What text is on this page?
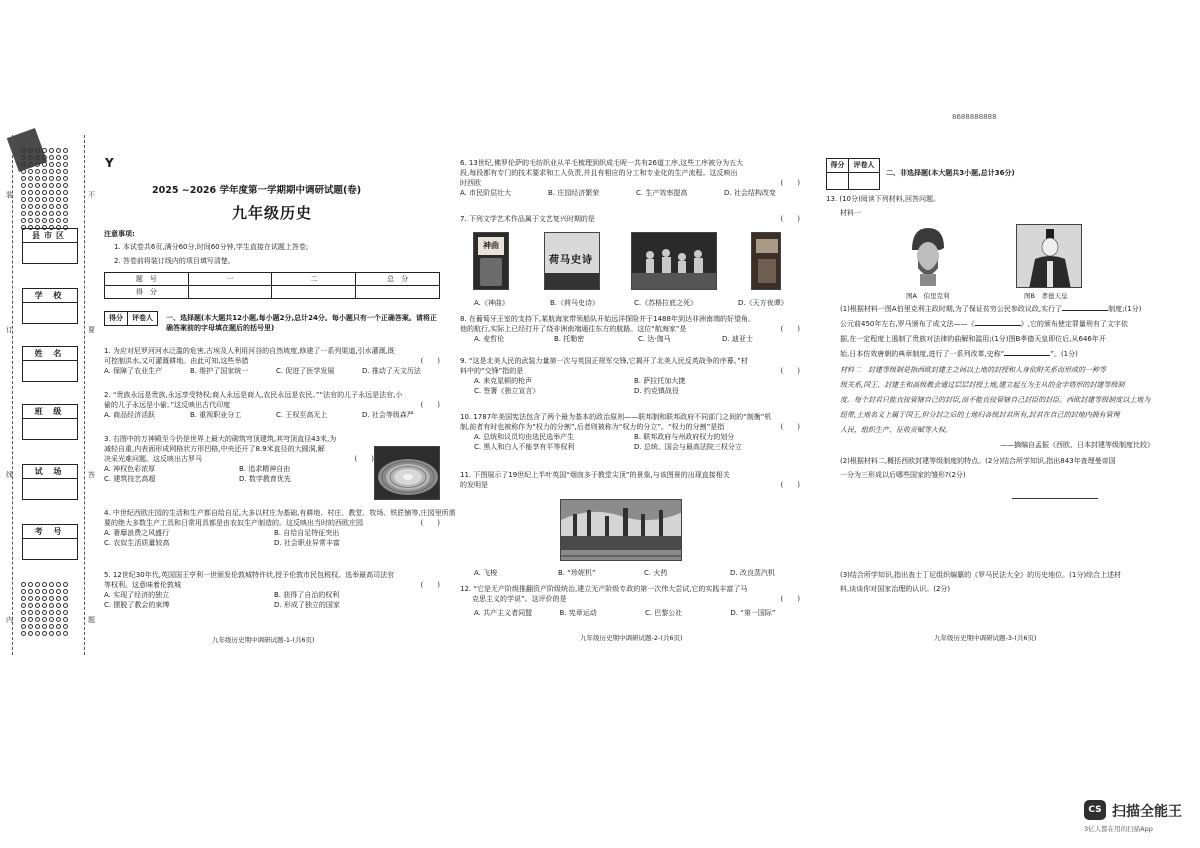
8688888888
Y
县市区
学 校
姓 名
班 级
试 场
考 号
装
订
线
内
不
要
答
题
2025 ~2026 学年度第一学期期中调研试题(卷)
九年级历史
注意事项:
1. 本试卷共6页,满分60分,时间60分钟,学生直接在试题上答卷;
2. 答卷前将装订线内的项目填写清楚。
题　号	一	二	总　分
得　分			
得分	评卷人	一、选择题(本大题共12小题,每小题2分,总计24分。每小题只有一个正确答案。请将正确答案前的字母填在题后的括号里)
1. 为应对尼罗河河水泛滥的危害,古埃及人利用河谷的自然坡度,修建了一系列渠道,引水灌溉,既
可控制洪水,又可灌溉耕地。由此可知,这些举措	(　　)
A. 保障了农业生产	B. 维护了国家统一	C. 促进了医学发展	D. 推动了天文历法
2. “贵族永远是贵族,永远享受特权;商人永远是商人,农民永远是农民。”“法官的儿子永远是法官,小
偷的儿子永远是小偷。”这反映出古代印度	(　　)
A. 商品经济活跃	B. 重视职业分工	C. 王权至高无上	D. 社会等级森严
3. 右图中的万神殿至今仍是世界上最大的砌筑穹顶建筑,其穹顶直径43米,为
减轻自重,内表面形成网格状方形凹格,中央还开了8.9米直径的大圆洞,解
决采光难问题。这反映出古罗马	(　　)
A. 神权色彩浓厚	B. 追求精神自由
C. 建筑技艺高超	D. 数学教育优先
4. 中世纪西欧庄园的生活和生产都自给自足,大多以村庄为基础,有耕地、村庄、教堂、牧场、铁匠铺等,庄园里所需
要的绝大多数生产工具和日常用具都是由农奴生产制造的。这反映出当时的西欧庄园	(　　)
A. 奢靡浪费之风盛行	B. 自给自足特征突出
C. 农奴生活质量较高	D. 社会职业异常丰富
5. 12世纪30年代,英国国王亨利一世颁发伦敦城特许状,授予伦敦市民包税权、选举最高司法官
等权利。这意味着伦敦城	(　　)
A. 实现了经济的独立	B. 获得了自治的权利
C. 摆脱了教会的束缚	D. 形成了独立的国家
九年级历史期中调研试题-1-(共6页)
6. 13世纪,佛罗伦萨的毛纺织业从羊毛梳理到织成毛呢一共有26道工序,这些工序被分为五大
段,每段都有专门的技术要求和工人负责,并且有相应的分工和专业化的生产流程。这反映出
时西欧	(　　)
A. 市民阶层壮大	B. 庄园经济繁荣	C. 生产效率提高	D. 社会结构改变
7. 下列文学艺术作品属于文艺复兴时期的是	(　　)
神曲
荷马史诗
A.《神曲》	B.《荷马史诗》	C.《苏格拉底之死》	D.《天方夜谭》
8. 在葡萄牙王室的支持下,某航海家带领船队开始远洋探险并于1488年到达非洲南端的好望角。
他的航行,实际上已经打开了绕非洲南端通往东方的航路。这位“航海家”是	(　　)
A. 麦哲伦	B. 托勒密	C. 达·伽马	D. 迪亚士
9. “这是北美人民的武装力量第一次与英国正规军交锋,它揭开了北美人民反英战争的序幕。”材
料中的“交锋”指的是	(　　)
A. 来克星顿的枪声	B. 萨拉托加大捷
C. 签署《独立宣言》	D. 约克镇战役
10. 1787年美国宪法包含了两个最为基本的政治原则——联邦制和联邦政府不同部门之间的“制衡”机
制,前者有时也被称作为“权力的分割”,后者则被称为“权力的分立”。“权力的分割”是指	(　　)
A. 总统和议员均由选民选举产生	B. 联邦政府与州政府权力的划分
C. 黑人和白人不能享有平等权利	D. 总统、国会与最高法院三权分立
11. 下图展示了19世纪上半叶英国“烟囱多于教堂尖顶”的景象,与该图景的出现直接相关
的发明是	(　　)
A. 飞梭	B. “珍妮机”	C. 火药	D. 改良蒸汽机
12. “它是无产阶级推翻资产阶级统治,建立无产阶级专政的第一次伟大尝试,它的实践丰富了马
克思主义的学说”。这评价的是	(　　)
A. 共产主义者同盟	B. 宪章运动	C. 巴黎公社	D. “第一国际”
九年级历史期中调研试题-2-(共6页)
得分	评卷人
二、非选择题(本大题共3小题,总计36分)
13. (10分)阅读下列材料,回答问题。
材料一
图A　伯里克利	图B　孝德天皇
(1)根据材料一图A伯里克利主政时期,为了保证贫穷公民参政议政,实行了	制度;(1分)
公元前450年左右,罗马颁布了成文法——《	》,它的颁布使定罪量刑有了文字依
据,在一定程度上遏制了贵族对法律的曲解和滥用;(1分)图B孝德天皇即位后,从646年开
始,日本仿效唐朝的典章制度,进行了一系列改革,史称“	”。(1分)
材料二　封建等级制是指西欧封建主之间以土地的封授和人身依附关系而形成的一种等
级关系,国王、封建主和高级教会通过层层封授土地,建立起互为主从的金字塔形的封建等级制
度。每个封君只能直接管辖自己的封臣,而不能直接管辖自己封臣的封臣。西欧封建等级制度以土地为
纽带,土地名义上属于国王,但分封之后的土地归各级封君所有,封君在自己的封地内拥有管理
人民、组织生产、征收贡赋等大权。
——摘编自孟振《西欧、日本封建等级制度比较》
(2)根据材料二,概括西欧封建等级制度的特点。(2分)结合所学知识,指出843年查理曼帝国
一分为三形成以后哪些国家的雏形?(2分)
(3)结合所学知识,指出查士丁尼组织编纂的《罗马民法大全》的历史地位。(1分)综合上述材
料,谈谈你对国家治理的认识。(2分)
九年级历史期中调研试题-3-(共6页)
CS 扫描全能王
3亿人都在用的扫描App
